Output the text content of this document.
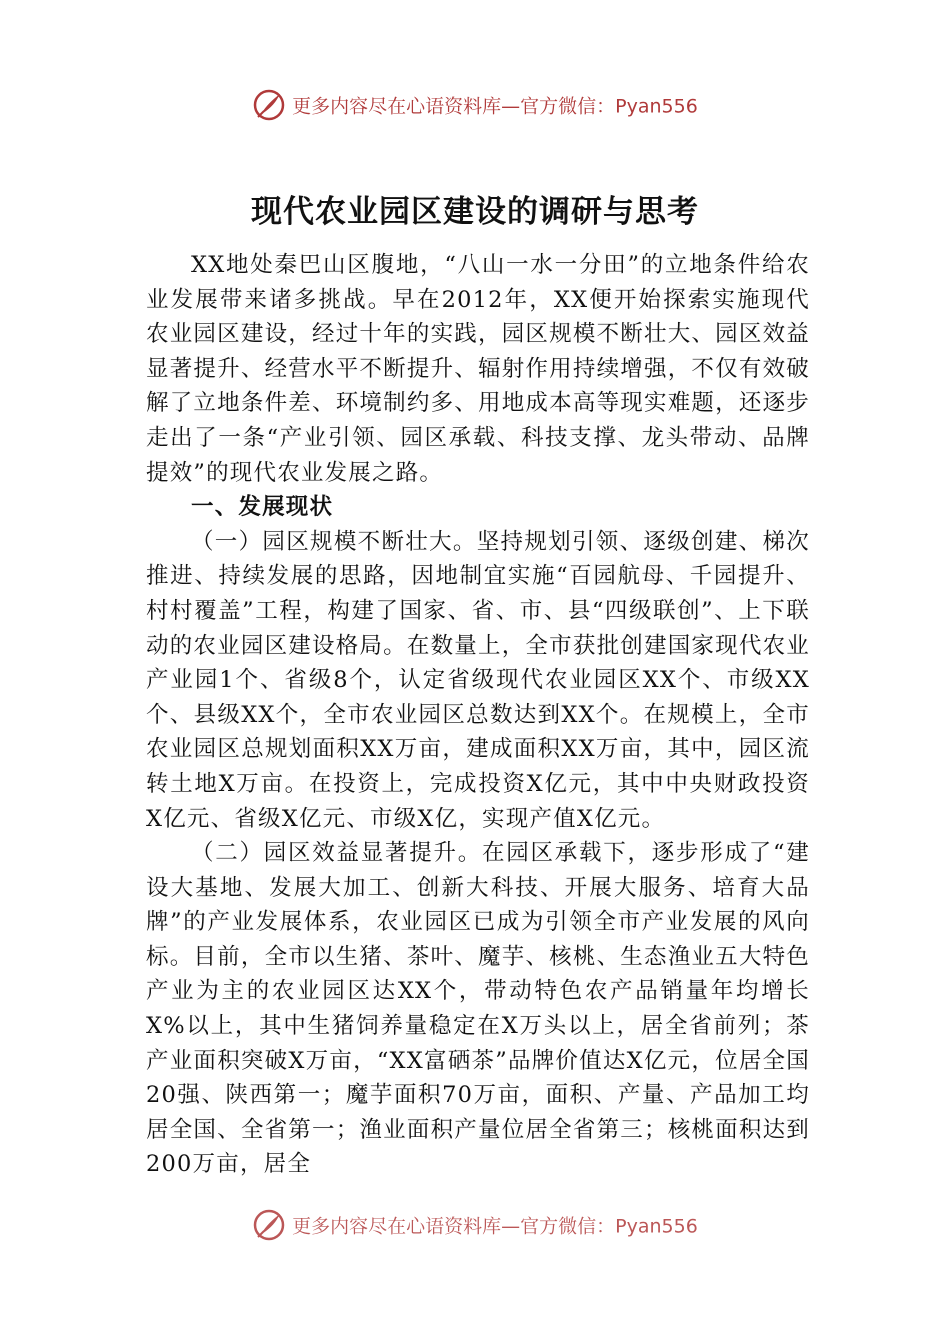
更多内容尽在心语资料库—官方微信：Pyan556
现代农业园区建设的调研与思考

XX地处秦巴山区腹地，“八山一水一分田”的立地条件给农业发展带来诸多挑战。早在2012年，XX便开始探索实施现代农业园区建设，经过十年的实践，园区规模不断壮大、园区效益显著提升、经营水平不断提升、辐射作用持续增强，不仅有效破解了立地条件差、环境制约多、用地成本高等现实难题，还逐步走出了一条“产业引领、园区承载、科技支撑、龙头带动、品牌提效”的现代农业发展之路。

一、发展现状

（一）园区规模不断壮大。坚持规划引领、逐级创建、梯次推进、持续发展的思路，因地制宜实施“百园航母、千园提升、村村覆盖”工程，构建了国家、省、市、县“四级联创”、上下联动的农业园区建设格局。在数量上，全市获批创建国家现代农业产业园1个、省级8个，认定省级现代农业园区XX个、市级XX个、县级XX个，全市农业园区总数达到XX个。在规模上，全市农业园区总规划面积XX万亩，建成面积XX万亩，其中，园区流转土地X万亩。在投资上，完成投资X亿元，其中中央财政投资X亿元、省级X亿元、市级X亿，实现产值X亿元。

（二）园区效益显著提升。在园区承载下，逐步形成了“建设大基地、发展大加工、创新大科技、开展大服务、培育大品牌”的产业发展体系，农业园区已成为引领全市产业发展的风向标。目前，全市以生猪、茶叶、魔芋、核桃、生态渔业五大特色产业为主的农业园区达XX个，带动特色农产品销量年均增长X%以上，其中生猪饲养量稳定在X万头以上，居全省前列；茶产业面积突破X万亩，“XX富硒茶”品牌价值达X亿元，位居全国20强、陕西第一；魔芋面积70万亩，面积、产量、产品加工均居全国、全省第一；渔业面积产量位居全省第三；核桃面积达到200万亩，居全

更多内容尽在心语资料库—官方微信：Pyan556
